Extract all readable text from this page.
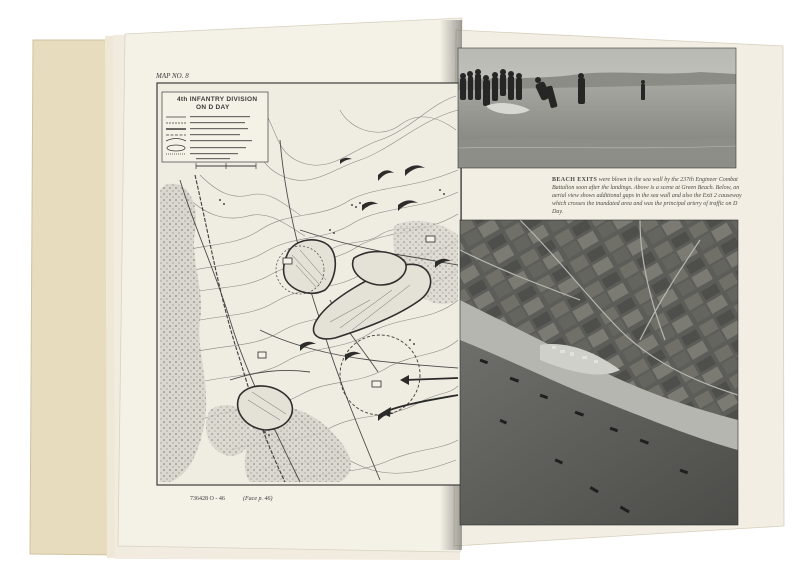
MAP NO. 8
4th INFANTRY DIVISION
ON D DAY
736428 O - 46	(Face p. 46)
BEACH EXITS were blown in the sea wall by the 237th Engineer Combat Battalion soon after the landings. Above is a scene at Green Beach. Below, an aerial view shows additional gaps in the sea wall and also the Exit 2 causeway which crosses the inundated area and was the principal artery of traffic on D Day.
